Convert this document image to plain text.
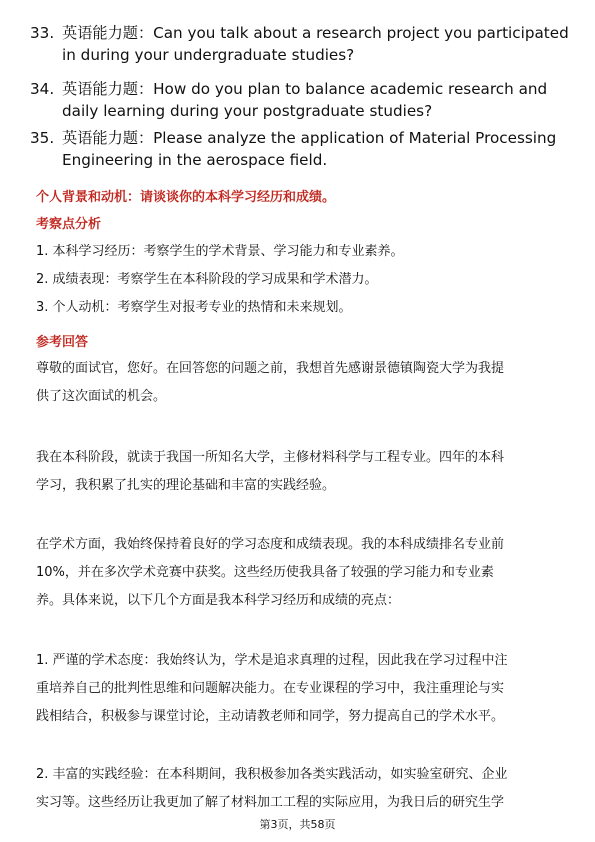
33. 英语能力题：Can you talk about a research project you participated in during your undergraduate studies?
34. 英语能力题：How do you plan to balance academic research and daily learning during your postgraduate studies?
35. 英语能力题：Please analyze the application of Material Processing Engineering in the aerospace field.
个人背景和动机：请谈谈你的本科学习经历和成绩。
考察点分析
1. 本科学习经历：考察学生的学术背景、学习能力和专业素养。
2. 成绩表现：考察学生在本科阶段的学习成果和学术潜力。
3. 个人动机：考察学生对报考专业的热情和未来规划。
参考回答
尊敬的面试官，您好。在回答您的问题之前，我想首先感谢景德镇陶瓷大学为我提
供了这次面试的机会。
我在本科阶段，就读于我国一所知名大学，主修材料科学与工程专业。四年的本科
学习，我积累了扎实的理论基础和丰富的实践经验。
在学术方面，我始终保持着良好的学习态度和成绩表现。我的本科成绩排名专业前
10%，并在多次学术竞赛中获奖。这些经历使我具备了较强的学习能力和专业素
养。具体来说，以下几个方面是我本科学习经历和成绩的亮点：
1. 严谨的学术态度：我始终认为，学术是追求真理的过程，因此我在学习过程中注
重培养自己的批判性思维和问题解决能力。在专业课程的学习中，我注重理论与实
践相结合，积极参与课堂讨论，主动请教老师和同学，努力提高自己的学术水平。
2. 丰富的实践经验：在本科期间，我积极参加各类实践活动，如实验室研究、企业
实习等。这些经历让我更加了解了材料加工工程的实际应用，为我日后的研究生学
第3页，共58页
